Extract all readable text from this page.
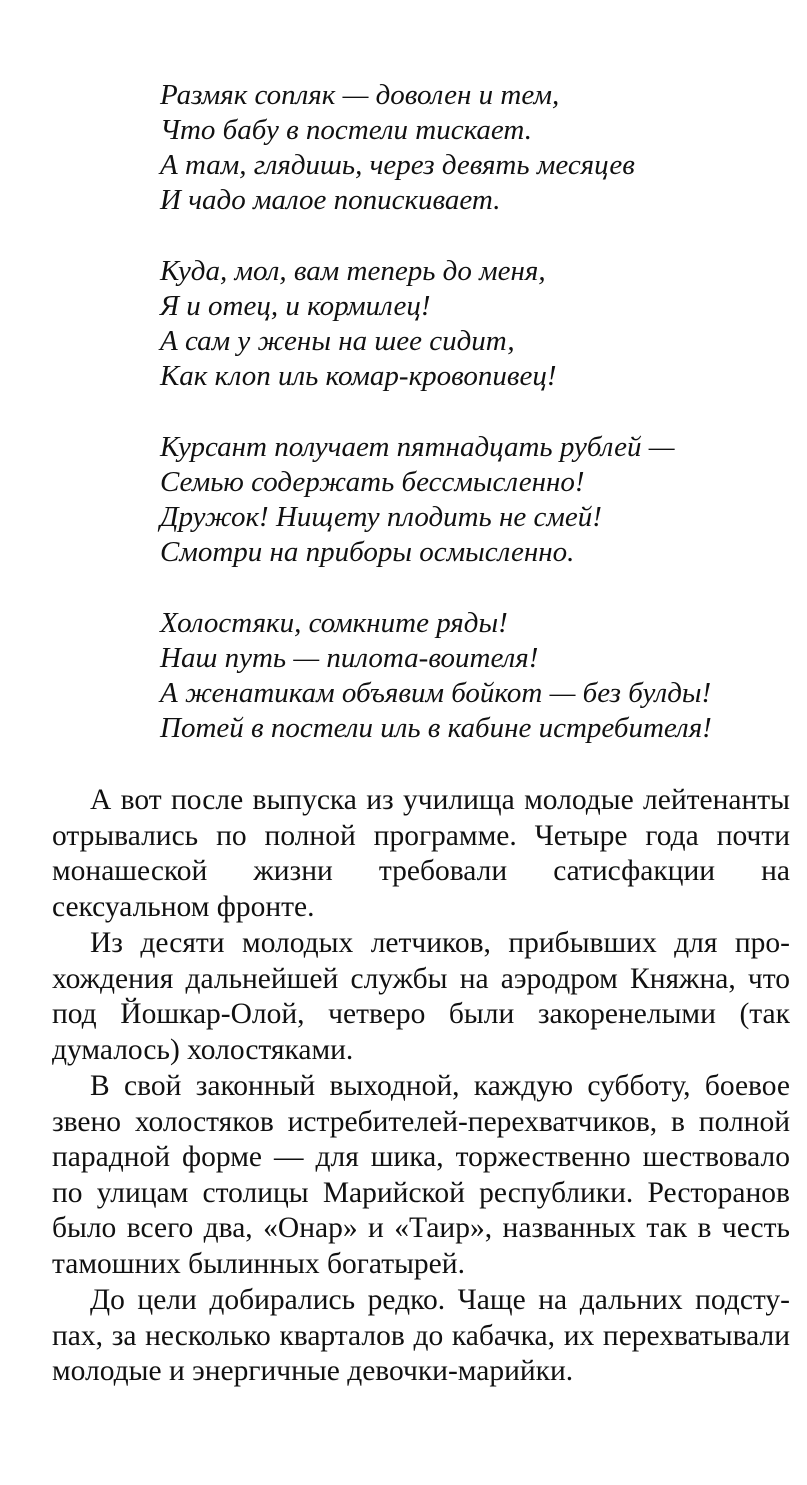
Размяк сопляк — доволен и тем,
Что бабу в постели тискает.
А там, глядишь, через девять месяцев
И чадо малое попискивает.
Куда, мол, вам теперь до меня,
Я и отец, и кормилец!
А сам у жены на шее сидит,
Как клоп иль комар-кровопивец!
Курсант получает пятнадцать рублей —
Семью содержать бессмысленно!
Дружок! Нищету плодить не смей!
Смотри на приборы осмысленно.
Холостяки, сомкните ряды!
Наш путь — пилота-воителя!
А женатикам объявим бойкот — без булды!
Потей в постели иль в кабине истребителя!

А вот после выпуска из училища молодые лейтенанты отрывались по полной программе. Четыре года почти монашеской жизни требовали сатисфакции на сексуальном фронте.

Из десяти молодых летчиков, прибывших для прохождения дальнейшей службы на аэродром Княжна, что под Йошкар-Олой, четверо были закоренелыми (так думалось) холостяками.

В свой законный выходной, каждую субботу, боевое звено холостяков истребителей-перехватчиков, в полной парадной форме — для шика, торжественно шествовало по улицам столицы Марийской республики. Ресторанов было всего два, «Онар» и «Таир», названных так в честь тамошних былинных богатырей.

До цели добирались редко. Чаще на дальних подступах, за несколько кварталов до кабачка, их перехватывали молодые и энергичные девочки-марийки.
